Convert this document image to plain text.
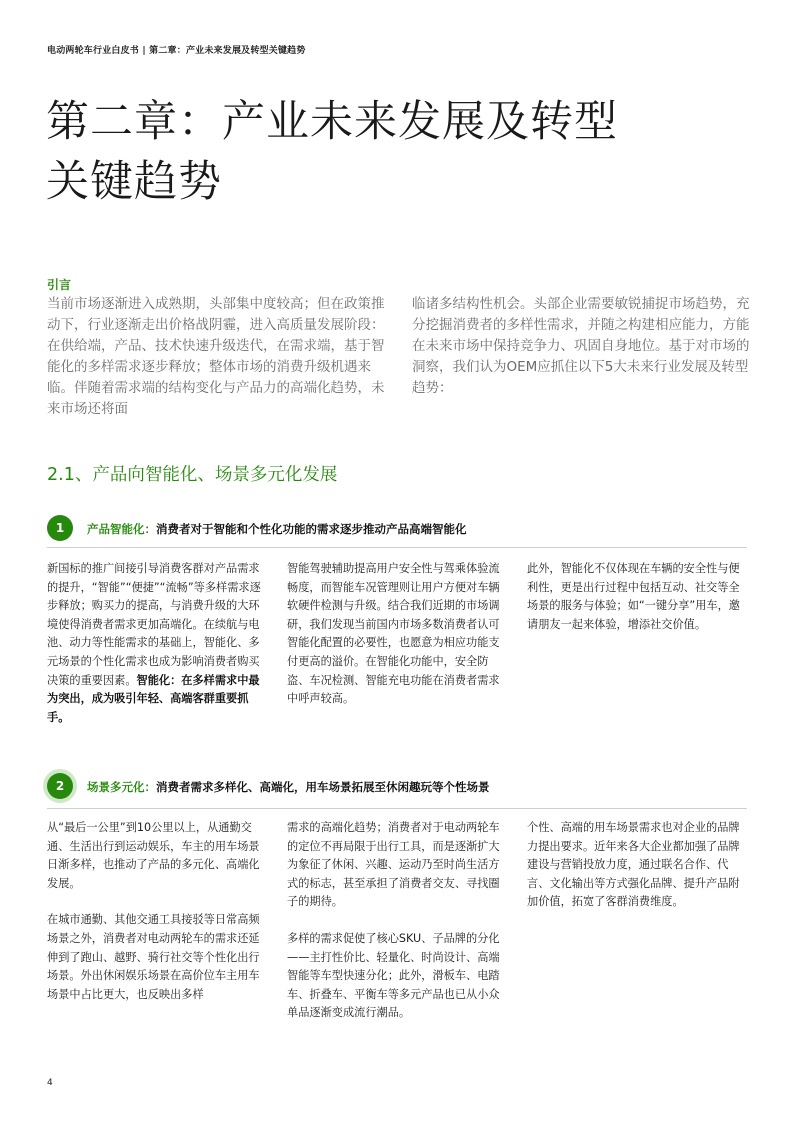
电动两轮车行业白皮书 | 第二章：产业未来发展及转型关键趋势
第二章：产业未来发展及转型
关键趋势
引言
当前市场逐渐进入成熟期，头部集中度较高；但在政策推动下，行业逐渐走出价格战阴霾，进入高质量发展阶段：在供给端，产品、技术快速升级迭代，在需求端，基于智能化的多样需求逐步释放；整体市场的消费升级机遇来临。伴随着需求端的结构变化与产品力的高端化趋势，未来市场还将面
临诸多结构性机会。头部企业需要敏锐捕捉市场趋势，充分挖掘消费者的多样性需求，并随之构建相应能力，方能在未来市场中保持竞争力、巩固自身地位。基于对市场的洞察，我们认为OEM应抓住以下5大未来行业发展及转型趋势：
2.1、产品向智能化、场景多元化发展
1	产品智能化：消费者对于智能和个性化功能的需求逐步推动产品高端智能化
新国标的推广间接引导消费客群对产品需求的提升，“智能”“便捷”“流畅”等多样需求逐步释放；购买力的提高，与消费升级的大环境使得消费者需求更加高端化。在续航与电池、动力等性能需求的基础上，智能化、多元场景的个性化需求也成为影响消费者购买决策的重要因素。智能化：在多样需求中最为突出，成为吸引年轻、高端客群重要抓手。
智能驾驶辅助提高用户安全性与驾乘体验流畅度，而智能车况管理则让用户方便对车辆软硬件检测与升级。结合我们近期的市场调研，我们发现当前国内市场多数消费者认可智能化配置的必要性，也愿意为相应功能支付更高的溢价。在智能化功能中，安全防盗、车况检测、智能充电功能在消费者需求中呼声较高。
此外，智能化不仅体现在车辆的安全性与便利性，更是出行过程中包括互动、社交等全场景的服务与体验；如“一键分享”用车，邀请朋友一起来体验，增添社交价值。
2	场景多元化：消费者需求多样化、高端化，用车场景拓展至休闲趣玩等个性场景

从“最后一公里”到10公里以上，从通勤交通、生活出行到运动娱乐，车主的用车场景日渐多样，也推动了产品的多元化、高端化发展。

在城市通勤、其他交通工具接驳等日常高频场景之外，消费者对电动两轮车的需求还延伸到了跑山、越野、骑行社交等个性化出行场景。外出休闲娱乐场景在高价位车主用车场景中占比更大，也反映出多样

需求的高端化趋势；消费者对于电动两轮车的定位不再局限于出行工具，而是逐渐扩大为象征了休闲、兴趣、运动乃至时尚生活方式的标志，甚至承担了消费者交友、寻找圈子的期待。

多样的需求促使了核心SKU、子品牌的分化——主打性价比、轻量化、时尚设计、高端智能等车型快速分化；此外，滑板车、电踏车、折叠车、平衡车等多元产品也已从小众单品逐渐变成流行潮品。

个性、高端的用车场景需求也对企业的品牌力提出要求。近年来各大企业都加强了品牌建设与营销投放力度，通过联名合作、代言、文化输出等方式强化品牌、提升产品附加价值，拓宽了客群消费维度。
4
